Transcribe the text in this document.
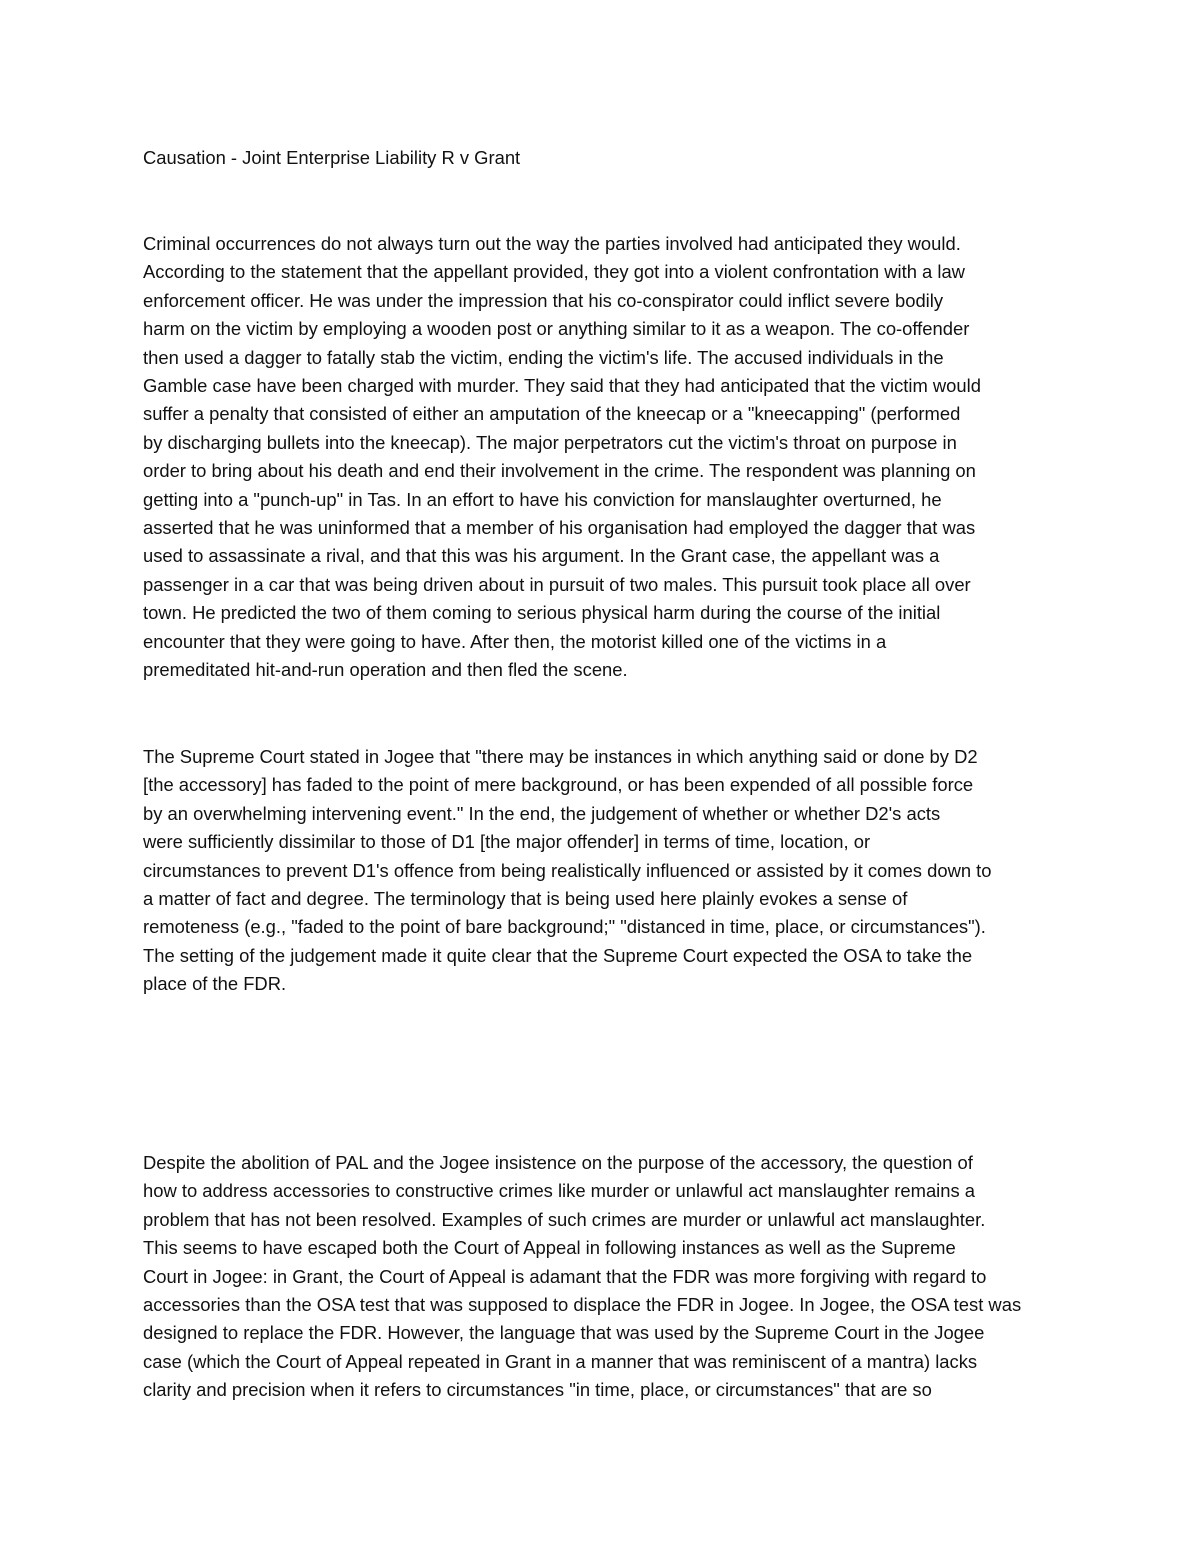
Causation - Joint Enterprise Liability R v Grant
Criminal occurrences do not always turn out the way the parties involved had anticipated they would.
According to the statement that the appellant provided, they got into a violent confrontation with a law
enforcement officer. He was under the impression that his co-conspirator could inflict severe bodily
harm on the victim by employing a wooden post or anything similar to it as a weapon. The co-offender
then used a dagger to fatally stab the victim, ending the victim's life. The accused individuals in the
Gamble case have been charged with murder. They said that they had anticipated that the victim would
suffer a penalty that consisted of either an amputation of the kneecap or a "kneecapping" (performed
by discharging bullets into the kneecap). The major perpetrators cut the victim's throat on purpose in
order to bring about his death and end their involvement in the crime. The respondent was planning on
getting into a "punch-up" in Tas. In an effort to have his conviction for manslaughter overturned, he
asserted that he was uninformed that a member of his organisation had employed the dagger that was
used to assassinate a rival, and that this was his argument. In the Grant case, the appellant was a
passenger in a car that was being driven about in pursuit of two males. This pursuit took place all over
town. He predicted the two of them coming to serious physical harm during the course of the initial
encounter that they were going to have. After then, the motorist killed one of the victims in a
premeditated hit-and-run operation and then fled the scene.
The Supreme Court stated in Jogee that "there may be instances in which anything said or done by D2
[the accessory] has faded to the point of mere background, or has been expended of all possible force
by an overwhelming intervening event." In the end, the judgement of whether or whether D2's acts
were sufficiently dissimilar to those of D1 [the major offender] in terms of time, location, or
circumstances to prevent D1's offence from being realistically influenced or assisted by it comes down to
a matter of fact and degree. The terminology that is being used here plainly evokes a sense of
remoteness (e.g., "faded to the point of bare background;" "distanced in time, place, or circumstances").
The setting of the judgement made it quite clear that the Supreme Court expected the OSA to take the
place of the FDR.
Despite the abolition of PAL and the Jogee insistence on the purpose of the accessory, the question of
how to address accessories to constructive crimes like murder or unlawful act manslaughter remains a
problem that has not been resolved. Examples of such crimes are murder or unlawful act manslaughter.
This seems to have escaped both the Court of Appeal in following instances as well as the Supreme
Court in Jogee: in Grant, the Court of Appeal is adamant that the FDR was more forgiving with regard to
accessories than the OSA test that was supposed to displace the FDR in Jogee. In Jogee, the OSA test was
designed to replace the FDR. However, the language that was used by the Supreme Court in the Jogee
case (which the Court of Appeal repeated in Grant in a manner that was reminiscent of a mantra) lacks
clarity and precision when it refers to circumstances "in time, place, or circumstances" that are so
